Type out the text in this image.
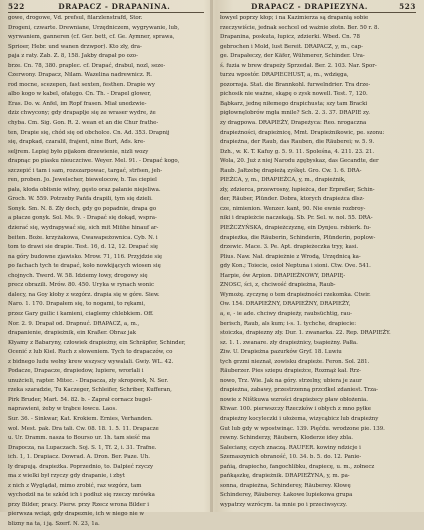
522	DRAPACZ - DRAPANINA.
gowe, drogowe, Vd. prefsul, filarzlenstrafd, Stor.
Drogeni, czwarte. Drewniane, Urzędniczem, wygrywanie, lub,
wyrwaniem, ganneren (cf. Ger. bett, cf. Ge. Aymner, sprawa,
Sprioer, Hebr. und wanen drzwpor). Kto zły, dra-
paja z raty. Zab. Z. 8, 158. Jakby drapał po ozo-
brze. Cn. 78, 380. praplec. cf. Drapać, drabul, nozl, seze-
Czerwony. Drapacz, Nilam. Wazelina nadrewnicz. R.
rod mocne, scezepen, fast sexten, festhen. Drapie wy
albo kogo w kabel, ofatęgo. Cn. Th. - Drapel glower,
Eras. Do. w. Anfel, im Ropf frasen. Miał unedzwie-
dziz chwycony; gdy drapaplje się ze wraser wydre, że
chyba. Cm. Sig. Gon. R. 2. wean et an die Chur frathe-
ten, Drapie się, chód się od obcholce. Cn. Ad. 353. Drapnij
się, drapkad, czaralil, frajent, nine Burt, Ads. kre-
seljrem. Lepiej było pijakom drzewienie, nizli wozy
drapnąc po piasku nieuczciwe. Weyer. Mel. 91. - Drapać kogo,
szczepić i tam i sam, rozszarpowac, targać, strfsen, jeh-
ren, proben. Jo. Jewelscher, biewelocow, b. Tas ciepiel
pała, kłoda obłisnie wiłwy, gęsto oraz pałanie niejeliwa.
Groch. W. 559. Potrzeby Pańfa drapili, tym się dzieli.
Sonyk. Sm. N. 8. Zły dech, gdy go popadnie, drapa go
a płacze gonyk. Sol. Ms. 9. - Drapać się dokąd, wspra-
dzierać się, wydrapywać się, sich mit Miühe hinauf ar-
beiten. Boże. krzyżakowa, Cwawapeżownica. Cyb. N. i
tom to drawi sie drapie. Test. 16, d. 12, 12. Drapać się
na góry budowne zjawisko. Mrow. 71, 116. Przyjdzie się
po fachach tych te drapać, koło nowkijących wiosen się
chojnych. Twerd. W. 58. Idziemy łowy, drogowy się
precz obrazili. Mrów. 80. 450. Uryka w rynach wonic
dalecy, na Goy kłoby z wzgórz. drapia się w góre. Siew.
Naro. 1. 170. Drapałem się, to nogami, to rękami,
przez Gary guilic i kamieni, ciaglemy chlebkiem. Off.
Nor. 2. 9. Drapał od. Drapnuć. DRAPACZ, a, m.,
drapanienie, drapieżnik, ein Kraßer. Obraz jak
Kłyamy z Babaryny, człowiek drapieżny, ein Schräpfer, Schinder,
Ocenić z lub Kiel. Ruch z słoweniem. Tych to drapaczów, co
z bidnego ludu wełny krew wszyscy wywalali. Gwiy. WL. 42.
Podacze, Drapacze, drapiedow, lupiere, wrorlali i
unużcieli, rapter. Mitec. - Drapacza, zły skroporek, N. Ser.
rzeka szaradzie, Tu Kaczeger, Schleifer, Schriber, Kufferan,
Pirk Bruder, Mart. 54. 82. b. - Zaprał cornacz bugel-
naprawieni, żeby w trąbce łowcu. Laos.
Sur. 36. - Sinkwar, Kat. Krokiem. Ernies, Verhanden.
wol. Mest. pak. Dra tali. Cw. 08. 18. 1. 5. 11. Drapacze
u. Ur. Dramm. nasza to Bourso ur. 1h. tam sieść ma
Drapocza, na Lupaczach. Soj. S. 1, Tf. 2, i. 31. Trafne.
ich. 1, 1. Drapiacz. Dowrad. A. Dron. Ber. Paze. Uh.
ly drapują. drapieżka. Poprzednio, to. Dalpieć rzyczy
ma z wielki był rzyczy gdy drapanie, i zbyt
z nich z Wyglądał, mimo zrobić, raz wzgórz, tam
wychodził na te szkód ich i podłuż się rzeczy mrówka
przy Bilder, pracy. Pierw. przy Rzecz wrona Bilder i
pierwsza wciąż, gdy drapeznie, ich w niego nie w
blizny na ta, i ją. Szerf. N. 23, 1a.
DRAPACZ - DRAPIEZYNA.	523
łowyel poprzy kłop; i na Kazimierza są drapanią sobie
rzeczywiście, jednak sechcel od ważnie złotn. Ber. 50 r. 8.
Drapanina, poskuta, łupicz, zdzierki. Wbed. Cn. 78
gebrochen i Mold, lust Bereit. DRAPACZ, y, m., cap-
ge. Drapałeczy, der Käfer, Wühmerer, Schinder. Ura-
ś. fuzia w brew drapeży Sprzedał. Ber. 2. 103. Nar. Spor-
turzu wpostór. DRAPIECHUST, a, m., wdzięga,
pozornsja. Stat. die Brannkohl. furwelndrier. Tra drze-
pichosik nie ważne, skąpę o zysk nowell. Test. 7, 120.
Bąbkarz, jednę niłemego drapichusta; szy tam Bracki
pigłownęlobrów mgła mnile? Sch. 2. 3. 37. DRAPIE zy.
zy dragpowa. DRAPIEŻY, Drapeżyca: Reo. nrogaczna
drapieżności, drapieżnicę, Mmt. Drapieżnikowic, pe. szonu:
drapieżna, der Raub, das Rauben, die Räuberei; w. 5. 9.
Dzh., w. K. T. Kafuy g. 5. 9. 11. Spoleśna, 4. 211. 23. 21.
Wola, 20. Już z niej Narodu zgębyskaz, das Gecandte, der
Raub. Jałtzebę drapieżą zyśkęt. Gro. Cw. 1. 6. DRA-
PIEŻCA, y, m., DRAPIEŻCA, y, m., drapieżnik,
zły, zdzierca, przewrosny, łupieżca, der Erpreßer, Schin-
der, Räuber, Plünder. Dobra, ktorych drapieżca dlsz-
cze, nimienion. Wenzer. kant, 90. Nie ewnie rozbroy-
niki i drapieżcie naczekają. Sb. Pr. Sel. w. nol. 55. DRA-
PIEŻCZYŃSKA, drapieżczyznę, ein Dynjeu. rsbierk. fu-
drapieżka, die Räuberin, Schinderin, Plünderin, poplow-
drzewic. Mace. 3. Pe. Apt. drapieżeczka tryy, kasi.
Plius. Naw. Nał. drapieżnie z Wrodą, Urzędnicą ka-
gdy Kon.; Toiecie, osioł Neptuna i sioni. Ctw. Ove. 541.
Harpie, ów Arpion. DRAPIEŻNOWY, DRAPIĘ-
ZNOSC, ści, z, chciwość drapieżna, Raub-
Wymożę. zyczynę o tem drapieżności rzekomka. Ctwir.
Ow. 154. DRAPIEŻNY, DRAPIEŻNY, DRAPIEŻY,
a, e, - ie ade. chciwy drapieży, raubsüchtig, rau-
berisch, Raub, als kum; i-s. 1. tychche, drapiecie:
stoiczka, drapiezny zły. Dur. 1. zwanarka. 22. Rep. DRAPIEŻY.
sz. 1. 1. zwanare. zły drapieżnicy, tsapieżny. Pałła.
Ziw. U. Drapieżna pazurków Gryf. 18. Luwiu
tych grzmi nieznał, zowisku drapieże. Feron. Sol. 281.
Räuberzer. Pies sziepu drapieżce, Rozmąż kał. Rrz-
nowo, Trz. Wie. Jak na góry. strzelny, ubiera je zaur
drapieżna, zabawy, przestrzenną przcdkel zdaniest. Trza-
nowie z Ništkuwa wzrości drapieżecy pław obłożenia.
Ktwar. 100. pierwszczy Rzeczków i obłych z mno pyłke
drapieżny kocyleczki i ułożema, wizycąbicz lub drapieżny
Gut lub gdy w wpostwinąc. 139. Pięćdu. wrodzone pie. 139.
rewny. Schinderzy, Räubern, Kloderze idey zbla.
Saleciany, czych znaczą. RAUFER. kowiny ndzicje i
Szemaszynich obraność, 10. 34. b. 5. do. 12. Panie-
pańią, drapiecho, fangochlibku, drapiecę, u. m., zołnecz
pańkąszkę, drapieżnik. DRAPIEŻYNA, y, m. pa-
sonna, drapieżna, Schinderey, Räuberey. Kłowę
Schinderey, Räuberey. Łakowe lupiekowa grupa
wypatrzy wzrócym. ta mnie po i przeciwsyczy.
